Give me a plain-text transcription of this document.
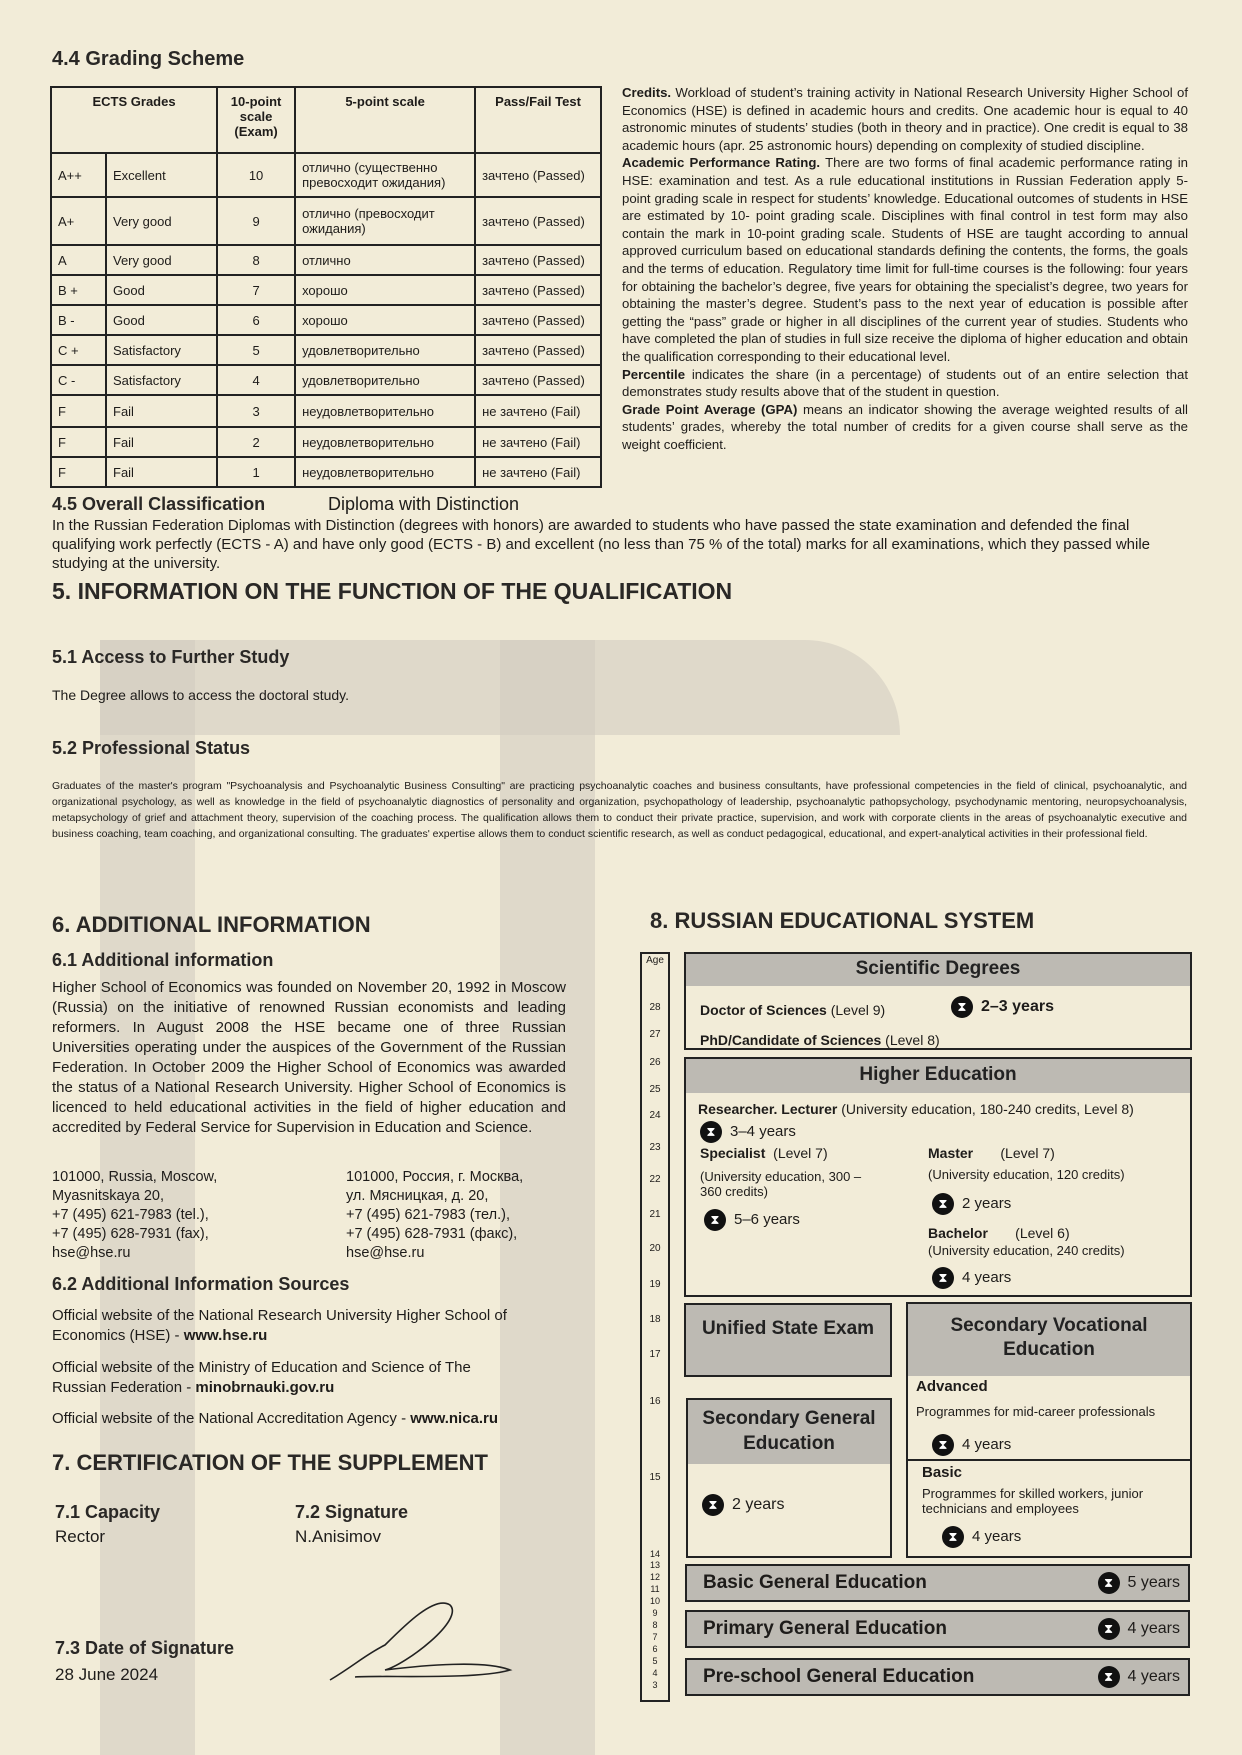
4.4 Grading Scheme
ECTS Grades		10-point scale (Exam)	5-point scale	Pass/Fail Test
A++	Excellent	10	отлично (существенно превосходит ожидания)	зачтено (Passed)
A+	Very good	9	отлично (превосходит ожидания)	зачтено (Passed)
A	Very good	8	отлично	зачтено (Passed)
B +	Good	7	хорошо	зачтено (Passed)
B -	Good	6	хорошо	зачтено (Passed)
C +	Satisfactory	5	удовлетворительно	зачтено (Passed)
C -	Satisfactory	4	удовлетворительно	зачтено (Passed)
F	Fail	3	неудовлетворительно	не зачтено (Fail)
F	Fail	2	неудовлетворительно	не зачтено (Fail)
F	Fail	1	неудовлетворительно	не зачтено (Fail)
Credits. Workload of student’s training activity in National Research University Higher School of Economics (HSE) is defined in academic hours and credits. One academic hour is equal to 40 astronomic minutes of students’ studies (both in theory and in practice). One credit is equal to 38 academic hours (apr. 25 astronomic hours) depending on complexity of studied discipline.
Academic Performance Rating. There are two forms of final academic performance rating in HSE: examination and test. As a rule educational institutions in Russian Federation apply 5- point grading scale in respect for students’ knowledge. Educational outcomes of students in HSE are estimated by 10- point grading scale. Disciplines with final control in test form may also contain the mark in 10-point grading scale. Students of HSE are taught according to annual approved curriculum based on educational standards defining the contents, the forms, the goals and the terms of education. Regulatory time limit for full-time courses is the following: four years for obtaining the bachelor’s degree, five years for obtaining the specialist’s degree, two years for obtaining the master’s degree. Student’s pass to the next year of education is possible after getting the “pass” grade or higher in all disciplines of the current year of studies. Students who have completed the plan of studies in full size receive the diploma of higher education and obtain the qualification corresponding to their educational level.
Percentile indicates the share (in a percentage) of students out of an entire selection that demonstrates study results above that of the student in question.
Grade Point Average (GPA) means an indicator showing the average weighted results of all students’ grades, whereby the total number of credits for a given course shall serve as the weight coefficient.
4.5 Overall Classification	Diploma with Distinction
In the Russian Federation Diplomas with Distinction (degrees with honors) are awarded to students who have passed the state examination and defended the final qualifying work perfectly (ECTS - A) and have only good (ECTS - B) and excellent (no less than 75 % of the total) marks for all examinations, which they passed while studying at the university.
5. INFORMATION ON THE FUNCTION OF THE QUALIFICATION
5.1 Access to Further Study
The Degree allows to access the doctoral study.
5.2 Professional Status
Graduates of the master's program "Psychoanalysis and Psychoanalytic Business Consulting" are practicing psychoanalytic coaches and business consultants, have professional competencies in the field of clinical, psychoanalytic, and organizational psychology, as well as knowledge in the field of psychoanalytic diagnostics of personality and organization, psychopathology of leadership, psychoanalytic pathopsychology, psychodynamic mentoring, neuropsychoanalysis, metapsychology of grief and attachment theory, supervision of the coaching process. The qualification allows them to conduct their private practice, supervision, and work with corporate clients in the areas of psychoanalytic executive and business coaching, team coaching, and organizational consulting. The graduates' expertise allows them to conduct scientific research, as well as conduct pedagogical, educational, and expert-analytical activities in their professional field.
6. ADDITIONAL INFORMATION
6.1 Additional information
Higher School of Economics was founded on November 20, 1992 in Moscow (Russia) on the initiative of renowned Russian economists and leading reformers. In August 2008 the HSE became one of three Russian Universities operating under the auspices of the Government of the Russian Federation. In October 2009 the Higher School of Economics was awarded the status of a National Research University. Higher School of Economics is licenced to held educational activities in the field of higher education and accredited by Federal Service for Supervision in Education and Science.
101000, Russia, Moscow,
Myasnitskaya 20,
+7 (495) 621-7983 (tel.),
+7 (495) 628-7931 (fax),
hse@hse.ru
101000, Россия, г. Москва,
ул. Мясницкая, д. 20,
+7 (495) 621-7983 (тел.),
+7 (495) 628-7931 (факс),
hse@hse.ru
6.2 Additional Information Sources
Official website of the National Research University Higher School of Economics (HSE) - www.hse.ru
Official website of the Ministry of Education and Science of The Russian Federation - minobrnauki.gov.ru
Official website of the National Accreditation Agency - www.nica.ru
7. CERTIFICATION OF THE SUPPLEMENT
7.1 Capacity
Rector
7.2 Signature
N.Anisimov
7.3 Date of Signature
28 June 2024
8. RUSSIAN EDUCATIONAL SYSTEM
Age
28
27
26
25
24
23
22
21
20
19
18
17
16
15
14
13
12
11
10
9
8
7
6
5
4
3
Scientific Degrees
Doctor of Sciences (Level 9)	⧗ 2–3 years
PhD/Candidate of Sciences (Level 8)
Higher Education
Researcher. Lecturer (University education, 180-240 credits, Level 8)
⧗ 3–4 years
Specialist (Level 7)
(University education, 300 – 360 credits)
⧗ 5–6 years
Master (Level 7)
(University education, 120 credits)
⧗ 2 years
Bachelor (Level 6)
(University education, 240 credits)
⧗ 4 years
Unified State Exam	Secondary Vocational Education
Advanced
Programmes for mid-career professionals
⧗ 4 years
Basic
Programmes for skilled workers, junior technicians and employees
⧗ 4 years
Secondary General Education
⧗ 2 years
Basic General Education	⧗ 5 years
Primary General Education	⧗ 4 years
Pre-school General Education	⧗ 4 years
